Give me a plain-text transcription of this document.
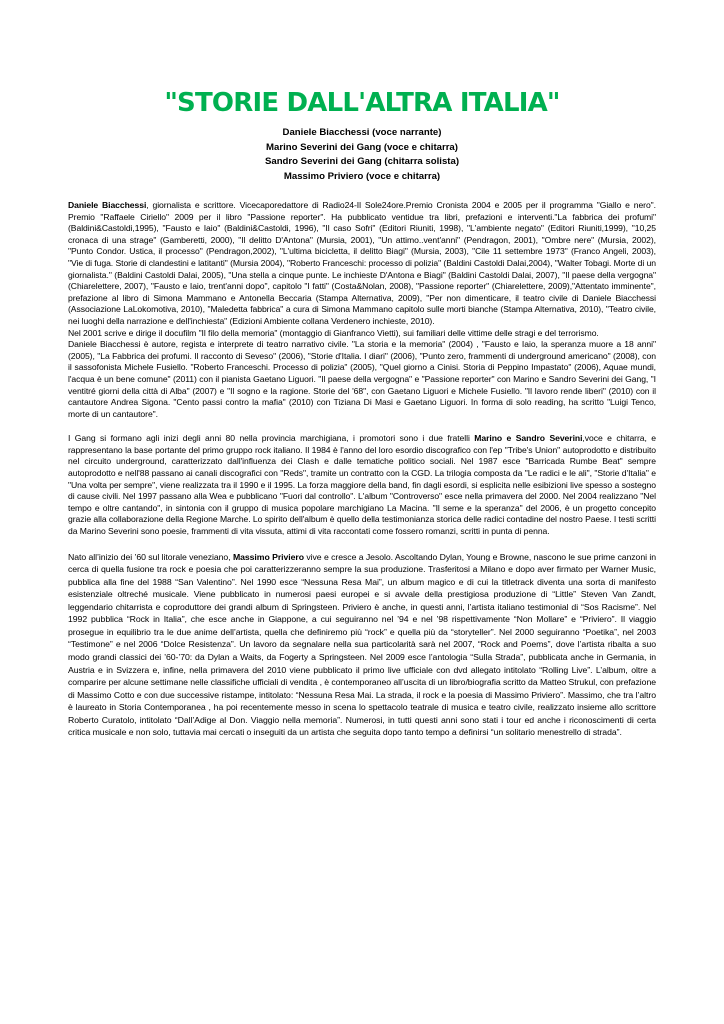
"STORIE DALL'ALTRA ITALIA"
Daniele Biacchessi (voce narrante)
Marino Severini dei Gang (voce e chitarra)
Sandro Severini dei Gang (chitarra solista)
Massimo Priviero (voce e chitarra)
Daniele Biacchessi, giornalista e scrittore. Vicecaporedattore di Radio24-Il Sole24ore.Premio Cronista 2004 e 2005 per il programma "Giallo e nero". Premio "Raffaele Ciriello" 2009 per il libro "Passione reporter". Ha pubblicato ventidue tra libri, prefazioni e interventi."La fabbrica dei profumi" (Baldini&Castoldi,1995), "Fausto e Iaio" (Baldini&Castoldi, 1996), "Il caso Sofri" (Editori Riuniti, 1998), "L'ambiente negato" (Editori Riuniti,1999), "10,25 cronaca di una strage" (Gamberetti, 2000), "Il delitto D'Antona" (Mursia, 2001), "Un attimo..vent'anni" (Pendragon, 2001), "Ombre nere" (Mursia, 2002), "Punto Condor. Ustica, il processo" (Pendragon,2002), "L'ultima bicicletta, il delitto Biagi" (Mursia, 2003), "Cile 11 settembre 1973" (Franco Angeli, 2003), "Vie di fuga. Storie di clandestini e latitanti" (Mursia 2004), "Roberto Franceschi: processo di polizia" (Baldini Castoldi Dalai,2004), "Walter Tobagi. Morte di un giornalista." (Baldini Castoldi Dalai, 2005), "Una stella a cinque punte. Le inchieste D'Antona e Biagi" (Baldini Castoldi Dalai, 2007), "Il paese della vergogna" (Chiarelettere, 2007), "Fausto e Iaio, trent'anni dopo", capitolo "I fatti" (Costa&Nolan, 2008), "Passione reporter" (Chiarelettere, 2009),"Attentato imminente", prefazione al libro di Simona Mammano e Antonella Beccaria (Stampa Alternativa, 2009), "Per non dimenticare, il teatro civile di Daniele Biacchessi (Associazione LaLokomotiva, 2010), "Maledetta fabbrica" a cura di Simona Mammano capitolo sulle morti bianche (Stampa Alternativa, 2010), "Teatro civile, nei luoghi della narrazione e dell'inchiesta" (Edizioni Ambiente collana Verdenero inchieste, 2010).
Nel 2001 scrive e dirige il docufilm "Il filo della memoria" (montaggio di Gianfranco Vietti), sui familiari delle vittime delle stragi e del terrorismo.
Daniele Biacchessi è autore, regista e interprete di teatro narrativo civile. "La storia e la memoria" (2004) , "Fausto e Iaio, la speranza muore a 18 anni" (2005), "La Fabbrica dei profumi. Il racconto di Seveso" (2006), "Storie d'Italia. I diari" (2006), "Punto zero, frammenti di underground americano" (2008), con il sassofonista Michele Fusiello. "Roberto Franceschi. Processo di polizia" (2005), "Quel giorno a Cinisi. Storia di Peppino Impastato" (2006), Aquae mundi, l'acqua è un bene comune" (2011) con il pianista Gaetano Liguori. "Il paese della vergogna" e "Passione reporter" con Marino e Sandro Severini dei Gang, "I ventitré giorni della città di Alba" (2007) e "Il sogno e la ragione. Storie del '68", con Gaetano Liguori e Michele Fusiello. "Il lavoro rende liberi" (2010) con il cantautore Andrea Sigona. "Cento passi contro la mafia" (2010) con Tiziana Di Masi e Gaetano Liguori. In forma di solo reading, ha scritto "Luigi Tenco, morte di un cantautore".
I Gang si formano agli inizi degli anni 80 nella provincia marchigiana, i promotori sono i due fratelli Marino e Sandro Severini,voce e chitarra, e rappresentano la base portante del primo gruppo rock italiano. Il 1984 è l'anno del loro esordio discografico con l'ep "Tribe's Union" autoprodotto e distribuito nel circuito underground, caratterizzato dall'influenza dei Clash e dalle tematiche politico sociali. Nel 1987 esce "Barricada Rumbe Beat" sempre autoprodotto e nell'88 passano ai canali discografici con "Reds", tramite un contratto con la CGD. La trilogia composta da "Le radici e le ali", "Storie d'Italia" e "Una volta per sempre", viene realizzata tra il 1990 e il 1995. La forza maggiore della band, fin dagli esordi, si esplicita nelle esibizioni live spesso a sostegno di cause civili. Nel 1997 passano alla Wea e pubblicano "Fuori dal controllo". L'album "Controverso" esce nella primavera del 2000. Nel 2004 realizzano "Nel tempo e oltre cantando", in sintonia con il gruppo di musica popolare marchigiano La Macina. "Il seme e la speranza" del 2006, è un progetto concepito grazie alla collaborazione della Regione Marche. Lo spirito dell'album è quello della testimonianza storica delle radici contadine del nostro Paese. I testi scritti da Marino Severini sono poesie, frammenti di vita vissuta, attimi di vita raccontati come fossero romanzi, scritti in punta di penna.
Nato all’inizio dei ’60 sul litorale veneziano, Massimo Priviero vive e cresce a Jesolo. Ascoltando Dylan, Young e Browne, nascono le sue prime canzoni in cerca di quella fusione tra rock e poesia che poi caratterizzeranno sempre la sua produzione. Trasferitosi a Milano e dopo aver firmato per Warner Music, pubblica alla fine del 1988 “San Valentino”. Nel 1990 esce “Nessuna Resa Mai”, un album magico e di cui la titletrack diventa una sorta di manifesto esistenziale oltreché musicale. Viene pubblicato in numerosi paesi europei e si avvale della prestigiosa produzione di “Little” Steven Van Zandt, leggendario chitarrista e coproduttore dei grandi album di Springsteen. Priviero è anche, in questi anni, l’artista italiano testimonial di “Sos Racisme”. Nel 1992 pubblica “Rock in Italia”, che esce anche in Giappone, a cui seguiranno nel ’94 e nel ’98 rispettivamente “Non Mollare” e “Priviero”. Il viaggio prosegue in equilibrio tra le due anime dell’artista, quella che definiremo più “rock” e quella più da “storyteller”. Nel 2000 seguiranno “Poetika”, nel 2003 “Testimone” e nel 2006 “Dolce Resistenza”. Un lavoro da segnalare nella sua particolarità sarà nel 2007, “Rock and Poems”, dove l’artista ribalta a suo modo grandi classici dei ’60-’70: da Dylan a Waits, da Fogerty a Springsteen. Nel 2009 esce l’antologia “Sulla Strada”, pubblicata anche in Germania, in Austria e in Svizzera e, infine, nella primavera del 2010 viene pubblicato il primo live ufficiale con dvd allegato intitolato “Rolling Live”. L’album, oltre a comparire per alcune settimane nelle classifiche ufficiali di vendita , è contemporaneo all’uscita di un libro/biografia scritto da Matteo Strukul, con prefazione di Massimo Cotto e con due successive ristampe, intitolato: “Nessuna Resa Mai. La strada, il rock e la poesia di Massimo Priviero”. Massimo, che tra l’altro è laureato in Storia Contemporanea , ha poi recentemente messo in scena lo spettacolo teatrale di musica e teatro civile, realizzato insieme allo scrittore Roberto Curatolo, intitolato “Dall’Adige al Don. Viaggio nella memoria”. Numerosi, in tutti questi anni sono stati i tour ed anche i riconoscimenti di certa critica musicale e non solo, tuttavia mai cercati o inseguiti da un artista che seguita dopo tanto tempo a definirsi “un solitario menestrello di strada”.
